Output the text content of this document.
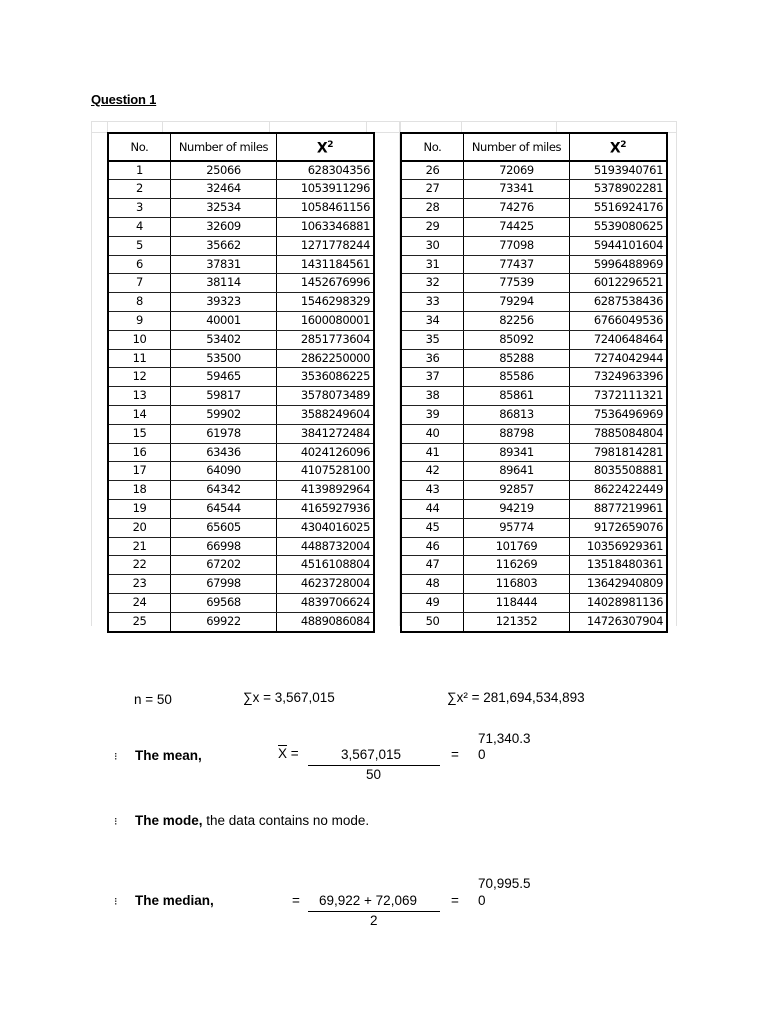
Question 1
No.	Number of miles	$X^2$
1	25066	628304356
2	32464	1053911296
3	32534	1058461156
4	32609	1063346881
5	35662	1271778244
6	37831	1431184561
7	38114	1452676996
8	39323	1546298329
9	40001	1600080001
10	53402	2851773604
11	53500	2862250000
12	59465	3536086225
13	59817	3578073489
14	59902	3588249604
15	61978	3841272484
16	63436	4024126096
17	64090	4107528100
18	64342	4139892964
19	64544	4165927936
20	65605	4304016025
21	66998	4488732004
22	67202	4516108804
23	67998	4623728004
24	69568	4839706624
25	69922	4889086084
No.	Number of miles	$X^2$
26	72069	5193940761
27	73341	5378902281
28	74276	5516924176
29	74425	5539080625
30	77098	5944101604
31	77437	5996488969
32	77539	6012296521
33	79294	6287538436
34	82256	6766049536
35	85092	7240648464
36	85288	7274042944
37	85586	7324963396
38	85861	7372111321
39	86813	7536496969
40	88798	7885084804
41	89341	7981814281
42	89641	8035508881
43	92857	8622422449
44	94219	8877219961
45	95774	9172659076
46	101769	10356929361
47	116269	13518480361
48	116803	13642940809
49	118444	14028981136
50	121352	14726307904
n = 50	∑x = 3,567,015	∑x² = 281,694,534,893
⁝	The mean,	$\overline{X}$ =	3,567,015
50
=
71,340.3
0
⁝	The mode, the data contains no mode.
⁝	The median,	= 69,922 + 72,069
2
=
70,995.5
0
